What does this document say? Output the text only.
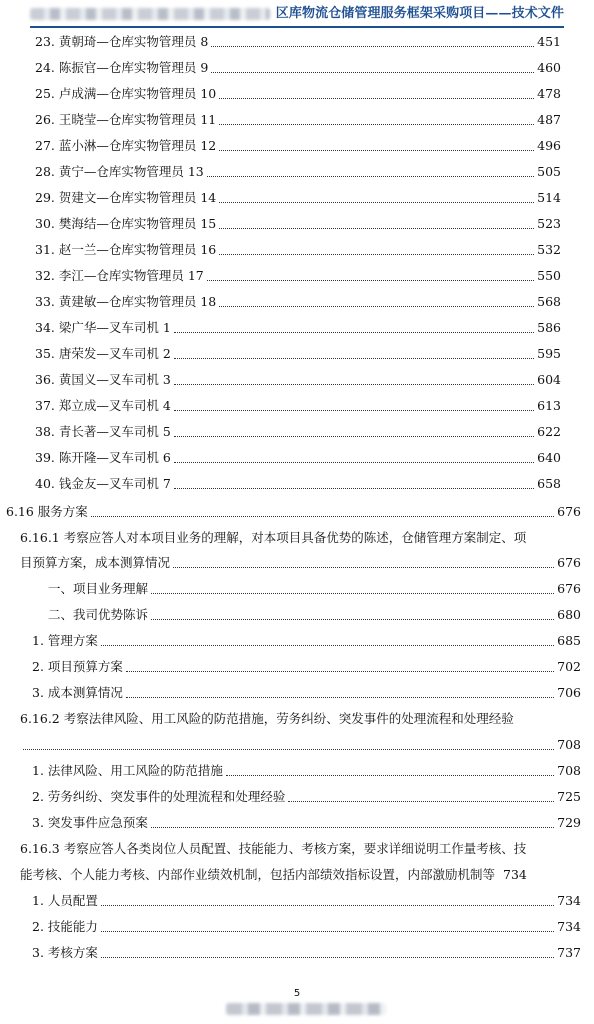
区库物流仓储管理服务框架采购项目——技术文件
23. 黄朝琦—仓库实物管理员 8	451
24. 陈振官—仓库实物管理员 9	460
25. 卢成满—仓库实物管理员 10	478
26. 王晓莹—仓库实物管理员 11	487
27. 蓝小淋—仓库实物管理员 12	496
28. 黄宁—仓库实物管理员 13	505
29. 贺建文—仓库实物管理员 14	514
30. 樊海结—仓库实物管理员 15	523
31. 赵一兰—仓库实物管理员 16	532
32. 李江—仓库实物管理员 17	550
33. 黄建敏—仓库实物管理员 18	568
34. 梁广华—叉车司机 1	586
35. 唐荣发—叉车司机 2	595
36. 黄国义—叉车司机 3	604
37. 郑立成—叉车司机 4	613
38. 青长著—叉车司机 5	622
39. 陈开隆—叉车司机 6	640
40. 钱金友—叉车司机 7	658
6.16 服务方案	676
6.16.1 考察应答人对本项目业务的理解，对本项目具备优势的陈述，仓储管理方案制定、项
目预算方案，成本测算情况	676
一、项目业务理解	676
二、我司优势陈诉	680
1. 管理方案	685
2. 项目预算方案	702
3. 成本测算情况	706
6.16.2 考察法律风险、用工风险的防范措施，劳务纠纷、突发事件的处理流程和处理经验
708
1. 法律风险、用工风险的防范措施	708
2. 劳务纠纷、突发事件的处理流程和处理经验	725
3. 突发事件应急预案	729
6.16.3 考察应答人各类岗位人员配置、技能能力、考核方案，要求详细说明工作量考核、技
能考核、个人能力考核、内部作业绩效机制，包括内部绩效指标设置，内部激励机制等 734
1. 人员配置	734
2. 技能能力	734
3. 考核方案	737
5
